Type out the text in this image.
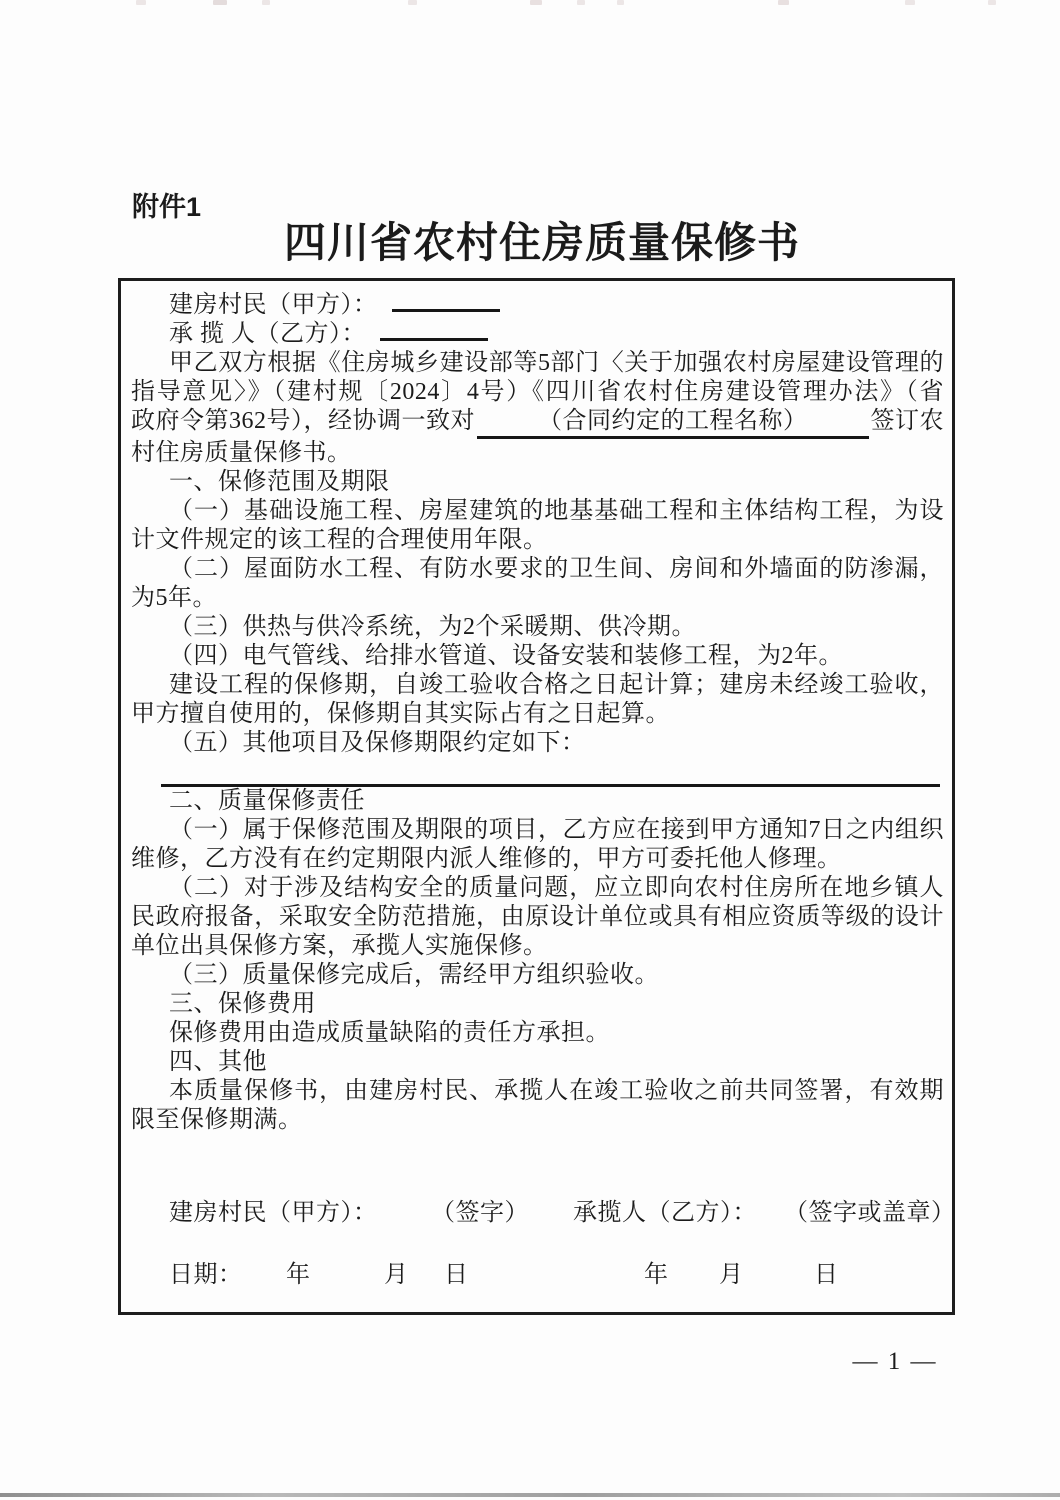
附件1
四川省农村住房质量保修书
建房村民（甲方）：
承 揽 人（乙方）：
甲乙双方根据《住房城乡建设部等5部门〈关于加强农村房屋建设管理的
指导意见〉》（建村规〔2024〕4号）《四川省农村住房建设管理办法》（省
政府令第362号），经协调一致对	（合同约定的工程名称）	签订农
村住房质量保修书。
一、保修范围及期限
（一）基础设施工程、房屋建筑的地基基础工程和主体结构工程，为设
计文件规定的该工程的合理使用年限。
（二）屋面防水工程、有防水要求的卫生间、房间和外墙面的防渗漏，
为5年。
（三）供热与供冷系统，为2个采暖期、供冷期。
（四）电气管线、给排水管道、设备安装和装修工程，为2年。
建设工程的保修期，自竣工验收合格之日起计算；建房未经竣工验收，
甲方擅自使用的，保修期自其实际占有之日起算。
（五）其他项目及保修期限约定如下：
二、质量保修责任
（一）属于保修范围及期限的项目，乙方应在接到甲方通知7日之内组织
维修，乙方没有在约定期限内派人维修的，甲方可委托他人修理。
（二）对于涉及结构安全的质量问题，应立即向农村住房所在地乡镇人
民政府报备，采取安全防范措施，由原设计单位或具有相应资质等级的设计
单位出具保修方案，承揽人实施保修。
（三）质量保修完成后，需经甲方组织验收。
三、保修费用
保修费用由造成质量缺陷的责任方承担。
四、其他
本质量保修书，由建房村民、承揽人在竣工验收之前共同签署，有效期
限至保修期满。
建房村民（甲方）： （签字） 承揽人（乙方）： （签字或盖章）
日期： 年	月 日	年 月	日
— 1 —
